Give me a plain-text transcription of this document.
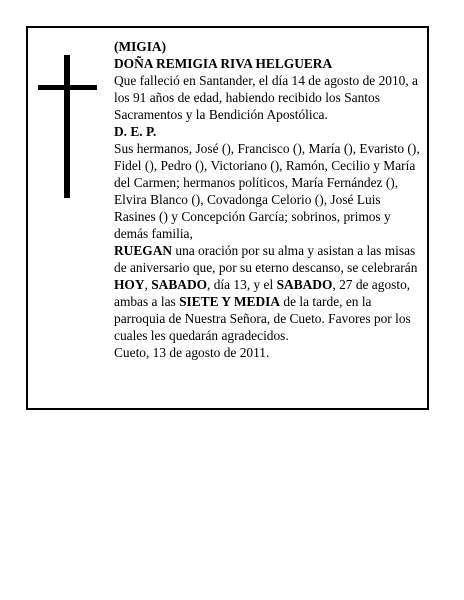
(MIGIA)

DOÑA REMIGIA RIVA HELGUERA

Que falleció en Santander, el día 14 de agosto de 2010, a los 91 años de edad, habiendo recibido los Santos Sacramentos y la Bendición Apostólica.

D. E. P.

Sus hermanos, José (), Francisco (), María (), Evaristo (), Fidel (), Pedro (), Victoriano (), Ramón, Cecilio y María del Carmen; hermanos políticos, María Fernández (), Elvira Blanco (), Covadonga Celorio (), José Luis Rasines () y Concepción García; sobrinos, primos y demás familia,

RUEGAN una oración por su alma y asistan a las misas de aniversario que, por su eterno descanso, se celebrarán HOY, SABADO, día 13, y el SABADO, 27 de agosto, ambas a las SIETE Y MEDIA de la tarde, en la parroquia de Nuestra Señora, de Cueto. Favores por los cuales les quedarán agradecidos.

Cueto, 13 de agosto de 2011.
